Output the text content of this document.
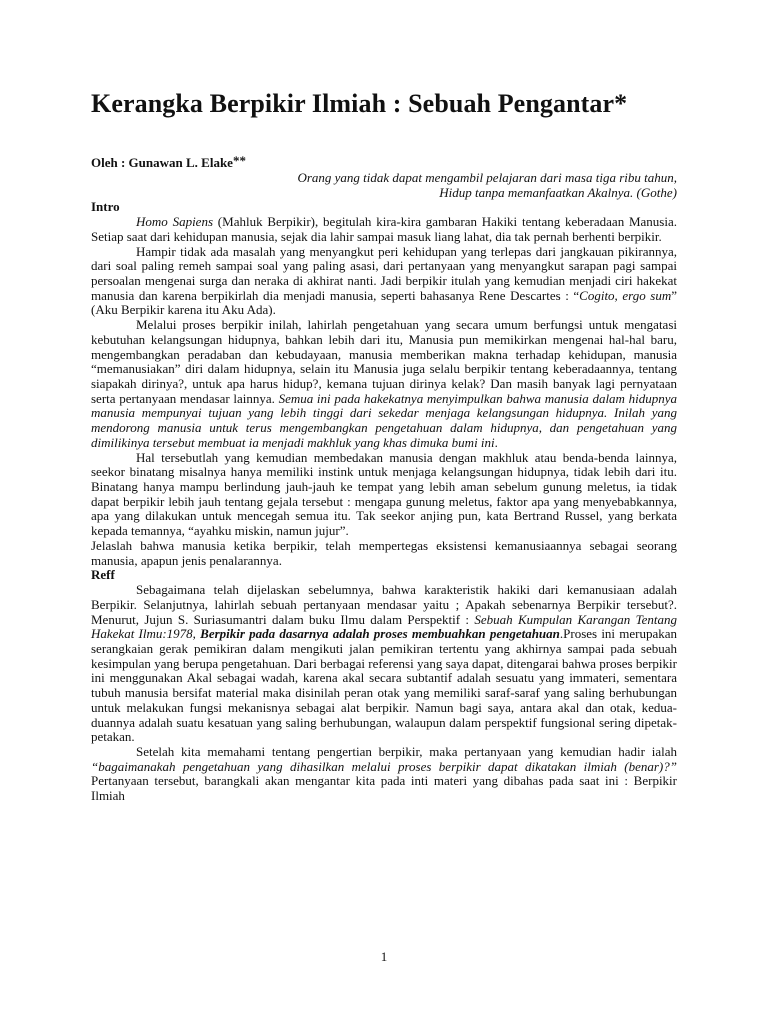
Kerangka Berpikir Ilmiah : Sebuah Pengantar*
Oleh : Gunawan L. Elake**
Orang yang tidak dapat mengambil pelajaran dari masa tiga ribu tahun,
Hidup tanpa memanfaatkan Akalnya. (Gothe)
Intro

Homo Sapiens (Mahluk Berpikir), begitulah kira-kira gambaran Hakiki tentang keberadaan Manusia. Setiap saat dari kehidupan manusia, sejak dia lahir sampai masuk liang lahat, dia tak pernah berhenti berpikir.

Hampir tidak ada masalah yang menyangkut peri kehidupan yang terlepas dari jangkauan pikirannya, dari soal paling remeh sampai soal yang paling asasi, dari pertanyaan yang menyangkut sarapan pagi sampai persoalan mengenai surga dan neraka di akhirat nanti. Jadi berpikir itulah yang kemudian menjadi ciri hakekat manusia dan karena berpikirlah dia menjadi manusia, seperti bahasanya Rene Descartes : “Cogito, ergo sum” (Aku Berpikir karena itu Aku Ada).

Melalui proses berpikir inilah, lahirlah pengetahuan yang secara umum berfungsi untuk mengatasi kebutuhan kelangsungan hidupnya, bahkan lebih dari itu, Manusia pun memikirkan mengenai hal-hal baru, mengembangkan peradaban dan kebudayaan, manusia memberikan makna terhadap kehidupan, manusia “memanusiakan” diri dalam hidupnya, selain itu Manusia juga selalu berpikir tentang keberadaannya, tentang siapakah dirinya?, untuk apa harus hidup?, kemana tujuan dirinya kelak? Dan masih banyak lagi pernyataan serta pertanyaan mendasar lainnya. Semua ini pada hakekatnya menyimpulkan bahwa manusia dalam hidupnya manusia mempunyai tujuan yang lebih tinggi dari sekedar menjaga kelangsungan hidupnya. Inilah yang mendorong manusia untuk terus mengembangkan pengetahuan dalam hidupnya, dan pengetahuan yang dimilikinya tersebut membuat ia menjadi makhluk yang khas dimuka bumi ini.

Hal tersebutlah yang kemudian membedakan manusia dengan makhluk atau benda-benda lainnya, seekor binatang misalnya hanya memiliki instink untuk menjaga kelangsungan hidupnya, tidak lebih dari itu. Binatang hanya mampu berlindung jauh-jauh ke tempat yang lebih aman sebelum gunung meletus, ia tidak dapat berpikir lebih jauh tentang gejala tersebut : mengapa gunung meletus, faktor apa yang menyebabkannya, apa yang dilakukan untuk mencegah semua itu. Tak seekor anjing pun, kata Bertrand Russel, yang berkata kepada temannya, “ayahku miskin, namun jujur”.

Jelaslah bahwa manusia ketika berpikir, telah mempertegas eksistensi kemanusiaannya sebagai seorang manusia, apapun jenis penalarannya.

Reff

Sebagaimana telah dijelaskan sebelumnya, bahwa karakteristik hakiki dari kemanusiaan adalah Berpikir. Selanjutnya, lahirlah sebuah pertanyaan mendasar yaitu ; Apakah sebenarnya Berpikir tersebut?. Menurut, Jujun S. Suriasumantri dalam buku Ilmu dalam Perspektif : Sebuah Kumpulan Karangan Tentang Hakekat Ilmu:1978, Berpikir pada dasarnya adalah proses membuahkan pengetahuan.Proses ini merupakan serangkaian gerak pemikiran dalam mengikuti jalan pemikiran tertentu yang akhirnya sampai pada sebuah kesimpulan yang berupa pengetahuan. Dari berbagai referensi yang saya dapat, ditengarai bahwa proses berpikir ini menggunakan Akal sebagai wadah, karena akal secara subtantif adalah sesuatu yang immateri, sementara tubuh manusia bersifat material maka disinilah peran otak yang memiliki saraf-saraf yang saling berhubungan untuk melakukan fungsi mekanisnya sebagai alat berpikir. Namun bagi saya, antara akal dan otak, kedua-duannya adalah suatu kesatuan yang saling berhubungan, walaupun dalam perspektif fungsional sering dipetak-petakan.

Setelah kita memahami tentang pengertian berpikir, maka pertanyaan yang kemudian hadir ialah “bagaimanakah pengetahuan yang dihasilkan melalui proses berpikir dapat dikatakan ilmiah (benar)?” Pertanyaan tersebut, barangkali akan mengantar kita pada inti materi yang dibahas pada saat ini : Berpikir Ilmiah

1
